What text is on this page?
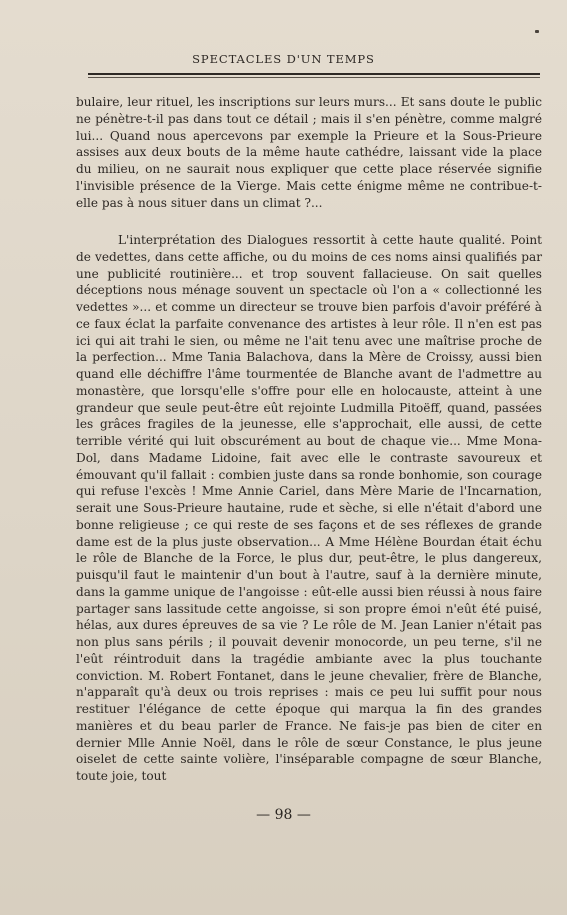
SPECTACLES D'UN TEMPS

bulaire, leur rituel, les inscriptions sur leurs murs... Et sans doute le public ne pénètre-t-il pas dans tout ce détail ; mais il s'en pénètre, comme malgré lui... Quand nous apercevons par exemple la Prieure et la Sous-Prieure assises aux deux bouts de la même haute cathédre, laissant vide la place du milieu, on ne saurait nous expliquer que cette place réservée signifie l'invisible présence de la Vierge. Mais cette énigme même ne contribue-t-elle pas à nous situer dans un climat ?...

L'interprétation des Dialogues ressortit à cette haute qualité. Point de vedettes, dans cette affiche, ou du moins de ces noms ainsi qualifiés par une publicité routinière... et trop souvent fallacieuse. On sait quelles déceptions nous ménage souvent un spectacle où l'on a « collectionné les vedettes »... et comme un directeur se trouve bien parfois d'avoir préféré à ce faux éclat la parfaite convenance des artistes à leur rôle. Il n'en est pas ici qui ait trahi le sien, ou même ne l'ait tenu avec une maîtrise proche de la perfection... Mme Tania Balachova, dans la Mère de Croissy, aussi bien quand elle déchiffre l'âme tourmentée de Blanche avant de l'admettre au monastère, que lorsqu'elle s'offre pour elle en holocauste, atteint à une grandeur que seule peut-être eût rejointe Ludmilla Pitoëff, quand, passées les grâces fragiles de la jeunesse, elle s'approchait, elle aussi, de cette terrible vérité qui luit obscurément au bout de chaque vie... Mme Mona-Dol, dans Madame Lidoine, fait avec elle le contraste savoureux et émouvant qu'il fallait : combien juste dans sa ronde bonhomie, son courage qui refuse l'excès ! Mme Annie Cariel, dans Mère Marie de l'Incarnation, serait une Sous-Prieure hautaine, rude et sèche, si elle n'était d'abord une bonne religieuse ; ce qui reste de ses façons et de ses réflexes de grande dame est de la plus juste observation... A Mme Hélène Bourdan était échu le rôle de Blanche de la Force, le plus dur, peut-être, le plus dangereux, puisqu'il faut le maintenir d'un bout à l'autre, sauf à la dernière minute, dans la gamme unique de l'angoisse : eût-elle aussi bien réussi à nous faire partager sans lassitude cette angoisse, si son propre émoi n'eût été puisé, hélas, aux dures épreuves de sa vie ? Le rôle de M. Jean Lanier n'était pas non plus sans périls ; il pouvait devenir monocorde, un peu terne, s'il ne l'eût réintroduit dans la tragédie ambiante avec la plus touchante conviction. M. Robert Fontanet, dans le jeune chevalier, frère de Blanche, n'apparaît qu'à deux ou trois reprises : mais ce peu lui suffit pour nous restituer l'élégance de cette époque qui marqua la fin des grandes manières et du beau parler de France. Ne fais-je pas bien de citer en dernier Mlle Annie Noël, dans le rôle de sœur Constance, le plus jeune oiselet de cette sainte volière, l'inséparable compagne de sœur Blanche, toute joie, tout

— 98 —
